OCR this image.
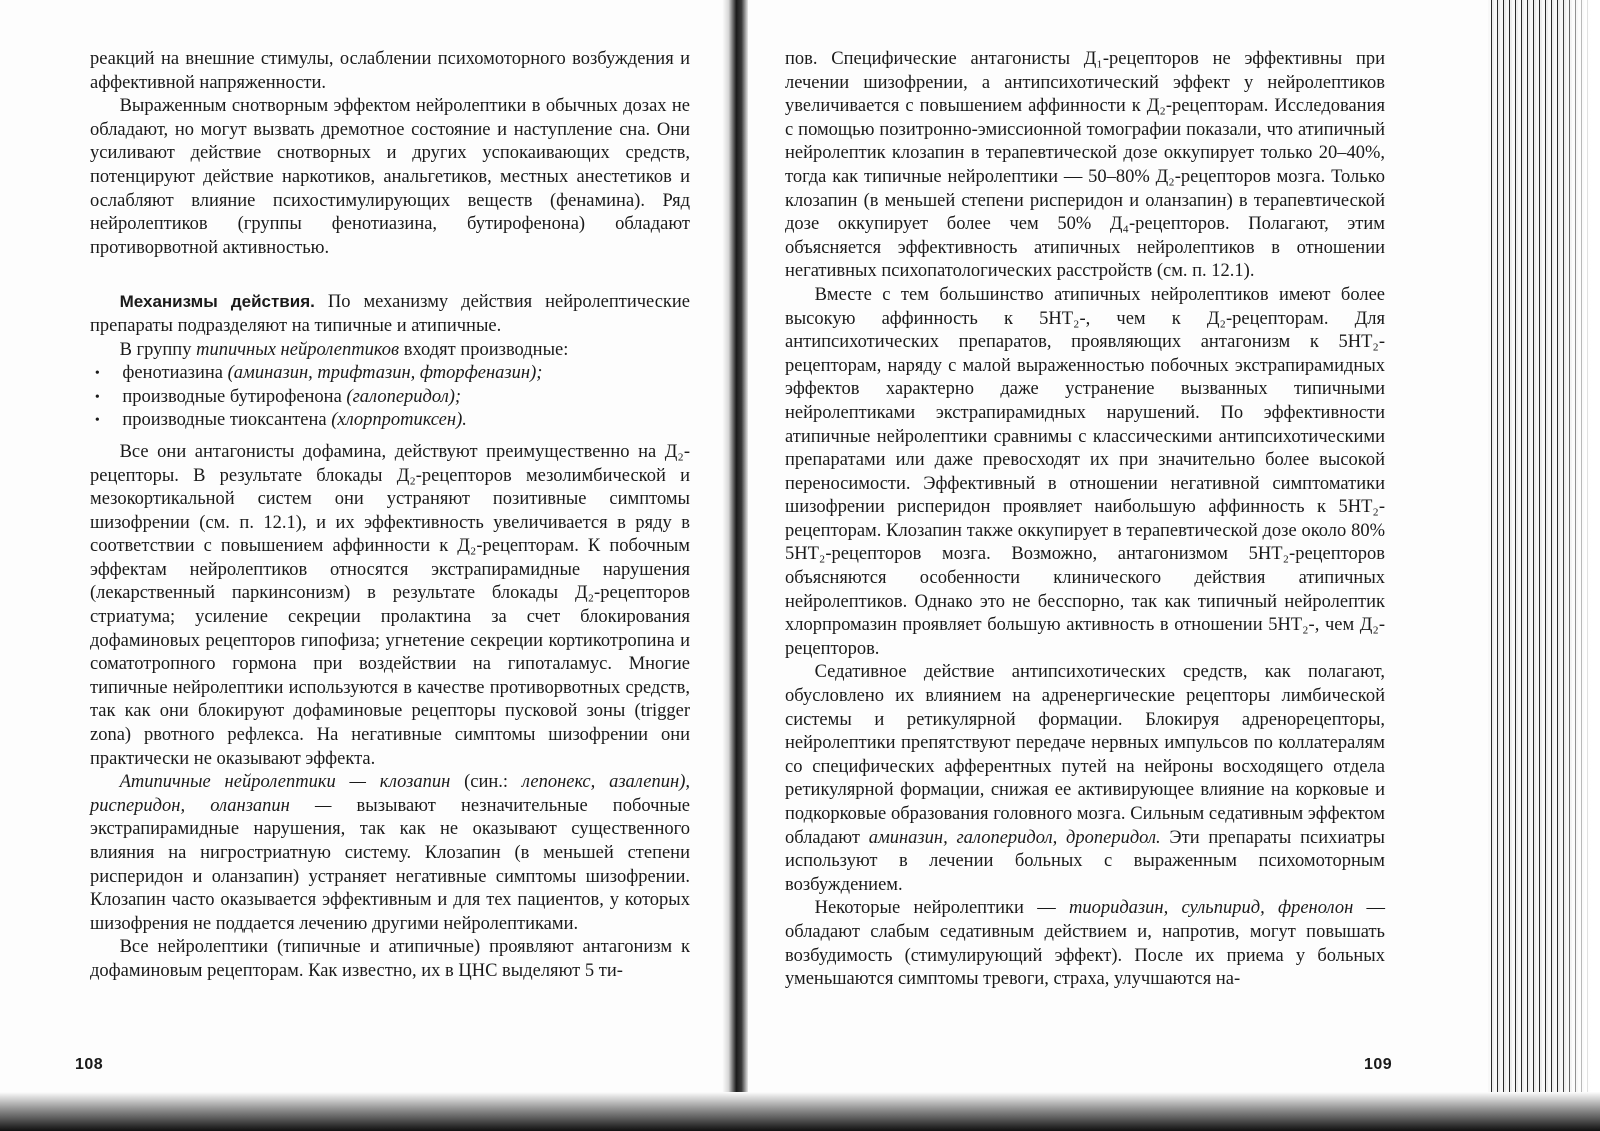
реакций на внешние стимулы, ослаблении психомоторного возбуждения и аффективной напряженности.

Выраженным снотворным эффектом нейролептики в обычных дозах не обладают, но могут вызвать дремотное состояние и наступление сна. Они усиливают действие снотворных и других успокаивающих средств, потенцируют действие наркотиков, анальгетиков, местных анестетиков и ослабляют влияние психостимулирующих веществ (фенамина). Ряд нейролептиков (группы фенотиазина, бутирофенона) обладают противорвотной активностью.

Механизмы действия. По механизму действия нейролептические препараты подразделяют на типичные и атипичные.

В группу типичных нейролептиков входят производные:

• фенотиазина (аминазин, трифтазин, фторфеназин);
• производные бутирофенона (галоперидол);
• производные тиоксантена (хлорпротиксен).

Все они антагонисты дофамина, действуют преимущественно на Д₂-рецепторы. В результате блокады Д₂-рецепторов мезолимбической и мезокортикальной систем они устраняют позитивные симптомы шизофрении (см. п. 12.1), и их эффективность увеличивается в ряду в соответствии с повышением аффинности к Д₂-рецепторам. К побочным эффектам нейролептиков относятся экстрапирамидные нарушения (лекарственный паркинсонизм) в результате блокады Д₂-рецепторов стриатума; усиление секреции пролактина за счет блокирования дофаминовых рецепторов гипофиза; угнетение секреции кортикотропина и соматотропного гормона при воздействии на гипоталамус. Многие типичные нейролептики используются в качестве противорвотных средств, так как они блокируют дофаминовые рецепторы пусковой зоны (trigger zona) рвотного рефлекса. На негативные симптомы шизофрении они практически не оказывают эффекта.

Атипичные нейролептики — клозапин (син.: лепонекс, азалепин), рисперидон, оланзапин — вызывают незначительные побочные экстрапирамидные нарушения, так как не оказывают существенного влияния на нигростриатную систему. Клозапин (в меньшей степени рисперидон и оланзапин) устраняет негативные симптомы шизофрении. Клозапин часто оказывается эффективным и для тех пациентов, у которых шизофрения не поддается лечению другими нейролептиками.

Все нейролептики (типичные и атипичные) проявляют антагонизм к дофаминовым рецепторам. Как известно, их в ЦНС выделяют 5 ти-

пов. Специфические антагонисты Д₁-рецепторов не эффективны при лечении шизофрении, а антипсихотический эффект у нейролептиков увеличивается с повышением аффинности к Д₂-рецепторам. Исследования с помощью позитронно-эмиссионной томографии показали, что атипичный нейролептик клозапин в терапевтической дозе оккупирует только 20–40%, тогда как типичные нейролептики — 50–80% Д₂-рецепторов мозга. Только клозапин (в меньшей степени рисперидон и оланзапин) в терапевтической дозе оккупирует более чем 50% Д₄-рецепторов. Полагают, этим объясняется эффективность атипичных нейролептиков в отношении негативных психопатологических расстройств (см. п. 12.1).

Вместе с тем большинство атипичных нейролептиков имеют более высокую аффинность к 5HT₂-, чем к Д₂-рецепторам. Для антипсихотических препаратов, проявляющих антагонизм к 5HT₂-рецепторам, наряду с малой выраженностью побочных экстрапирамидных эффектов характерно даже устранение вызванных типичными нейролептиками экстрапирамидных нарушений. По эффективности атипичные нейролептики сравнимы с классическими антипсихотическими препаратами или даже превосходят их при значительно более высокой переносимости. Эффективный в отношении негативной симптоматики шизофрении рисперидон проявляет наибольшую аффинность к 5HT₂-рецепторам. Клозапин также оккупирует в терапевтической дозе около 80% 5HT₂-рецепторов мозга. Возможно, антагонизмом 5HT₂-рецепторов объясняются особенности клинического действия атипичных нейролептиков. Однако это не бесспорно, так как типичный нейролептик хлорпромазин проявляет большую активность в отношении 5HT₂-, чем Д₂-рецепторов.

Седативное действие антипсихотических средств, как полагают, обусловлено их влиянием на адренергические рецепторы лимбической системы и ретикулярной формации. Блокируя адренорецепторы, нейролептики препятствуют передаче нервных импульсов по коллатералям со специфических афферентных путей на нейроны восходящего отдела ретикулярной формации, снижая ее активирующее влияние на корковые и подкорковые образования головного мозга. Сильным седативным эффектом обладают аминазин, галоперидол, дроперидол. Эти препараты психиатры используют в лечении больных с выраженным психомоторным возбуждением.

Некоторые нейролептики — тиоридазин, сульпирид, френолон — обладают слабым седативным действием и, напротив, могут повышать возбудимость (стимулирующий эффект). После их приема у больных уменьшаются симптомы тревоги, страха, улучшаются на-

108	109
